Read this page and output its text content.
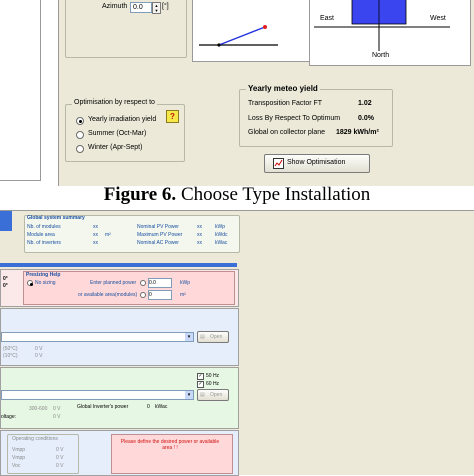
Azimuth 0.0	▲
▼
[°]
East	West
North
Yearly meteo yield
Transposition Factor FT	1.02
Loss By Respect To Optimum	0.0%
Global on collector plane 1829 kWh/m²
Optimisation by respect to
Yearly irradiation yield	?
Summer (Oct-Mar)
Winter (Apr-Sept)
Show Optimisation
Figure 6. Choose Type Installation
Global system summary
Nb. of modules	xx	Nominal PV Power	xx	kWp
Module area	xx m²	Maximum PV Power	xx	kWdc
Nb. of inverters	xx	Nominal AC Power	xx	kWac
0°
0°
Presizing Help
No sizing	Enter planned power	0.0	kWp
or available area(modules) 0	m²
▾	▤ Open
(50°C)	0 V
(10°C)	0 V
✓ 50 Hz
✓ 60 Hz
▾	▤ Open
300-600 0 V	Global Inverter's power	0 kWac
oltage:	0 V
Operating conditions
Vmpp	0 V
Vmpp	0 V
Voc	0 V
Please define the desired power or available area ! !
